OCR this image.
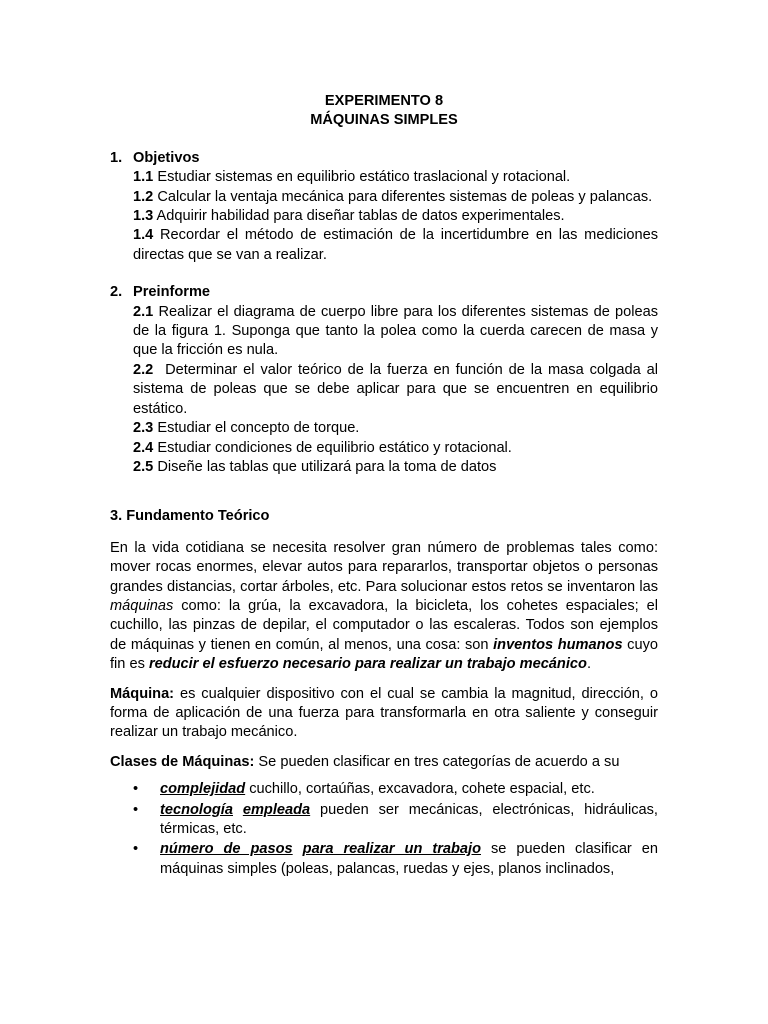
EXPERIMENTO 8

MÁQUINAS SIMPLES

1. Objetivos

1.1 Estudiar sistemas en equilibrio estático traslacional y rotacional.

1.2 Calcular la ventaja mecánica para diferentes sistemas de poleas y palancas.

1.3 Adquirir habilidad para diseñar tablas de datos experimentales.

1.4 Recordar el método de estimación de la incertidumbre en las mediciones directas que se van a realizar.

2. Preinforme

2.1 Realizar el diagrama de cuerpo libre para los diferentes sistemas de poleas de la figura 1. Suponga que tanto la polea como la cuerda carecen de masa y que la fricción es nula.

2.2  Determinar el valor teórico de la fuerza en función de la masa colgada al sistema de poleas que se debe aplicar para que se encuentren en equilibrio estático.

2.3 Estudiar el concepto de torque.

2.4 Estudiar condiciones de equilibrio estático y rotacional.

2.5 Diseñe las tablas que utilizará para la toma de datos

3. Fundamento Teórico

En la vida cotidiana se necesita resolver gran número de problemas tales como: mover rocas enormes, elevar autos para repararlos, transportar objetos o personas grandes distancias, cortar árboles, etc. Para solucionar estos retos se inventaron las máquinas como: la grúa, la excavadora, la bicicleta, los cohetes espaciales; el cuchillo, las pinzas de depilar, el computador o las escaleras. Todos son ejemplos de máquinas y tienen en común, al menos, una cosa: son inventos humanos cuyo fin es reducir el esfuerzo necesario para realizar un trabajo mecánico.

Máquina: es cualquier dispositivo con el cual se cambia la magnitud, dirección, o forma de aplicación de una fuerza para transformarla en otra saliente y conseguir realizar un trabajo mecánico.

Clases de Máquinas: Se pueden clasificar en tres categorías de acuerdo a su

• complejidad cuchillo, cortaúñas, excavadora, cohete espacial, etc.
• tecnología empleada pueden ser mecánicas, electrónicas, hidráulicas, térmicas, etc.
• número de pasos para realizar un trabajo se pueden clasificar en máquinas simples (poleas, palancas, ruedas y ejes, planos inclinados,
